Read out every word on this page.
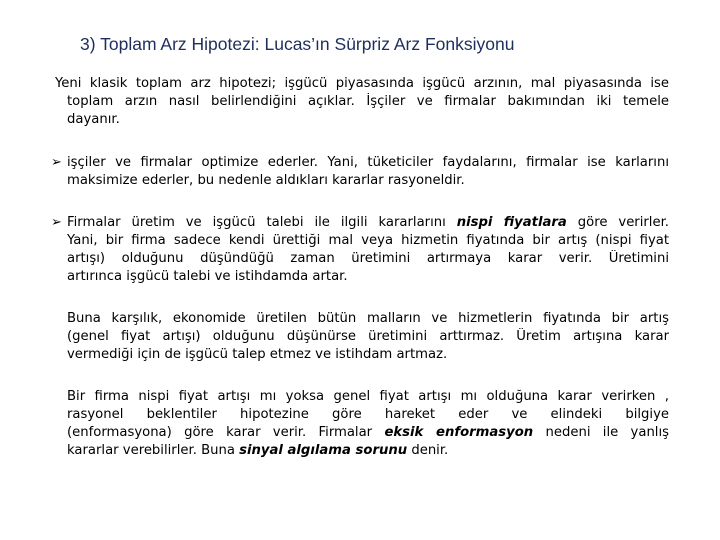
3) Toplam Arz Hipotezi: Lucas’ın Sürpriz Arz Fonksiyonu
Yeni klasik toplam arz hipotezi; işgücü piyasasında işgücü arzının, mal piyasasında ise
toplam arzın nasıl belirlendiğini açıklar. İşçiler ve firmalar bakımından iki temele
dayanır.
➢ işçiler ve firmalar optimize ederler. Yani, tüketiciler faydalarını, firmalar ise karlarını
maksimize ederler, bu nedenle aldıkları kararlar rasyoneldir.
➢ Firmalar üretim ve işgücü talebi ile ilgili kararlarını nispi fiyatlara göre verirler.
Yani, bir firma sadece kendi ürettiği mal veya hizmetin fiyatında bir artış (nispi fiyat
artışı) olduğunu düşündüğü zaman üretimini artırmaya karar verir. Üretimini
artırınca işgücü talebi ve istihdamda artar.
Buna karşılık, ekonomide üretilen bütün malların ve hizmetlerin fiyatında bir artış
(genel fiyat artışı) olduğunu düşünürse üretimini arttırmaz. Üretim artışına karar
vermediği için de işgücü talep etmez ve istihdam artmaz.
Bir firma nispi fiyat artışı mı yoksa genel fiyat artışı mı olduğuna karar verirken ,
rasyonel beklentiler hipotezine göre hareket eder ve elindeki bilgiye
(enformasyona) göre karar verir. Firmalar eksik enformasyon nedeni ile yanlış
kararlar verebilirler. Buna sinyal algılama sorunu denir.
